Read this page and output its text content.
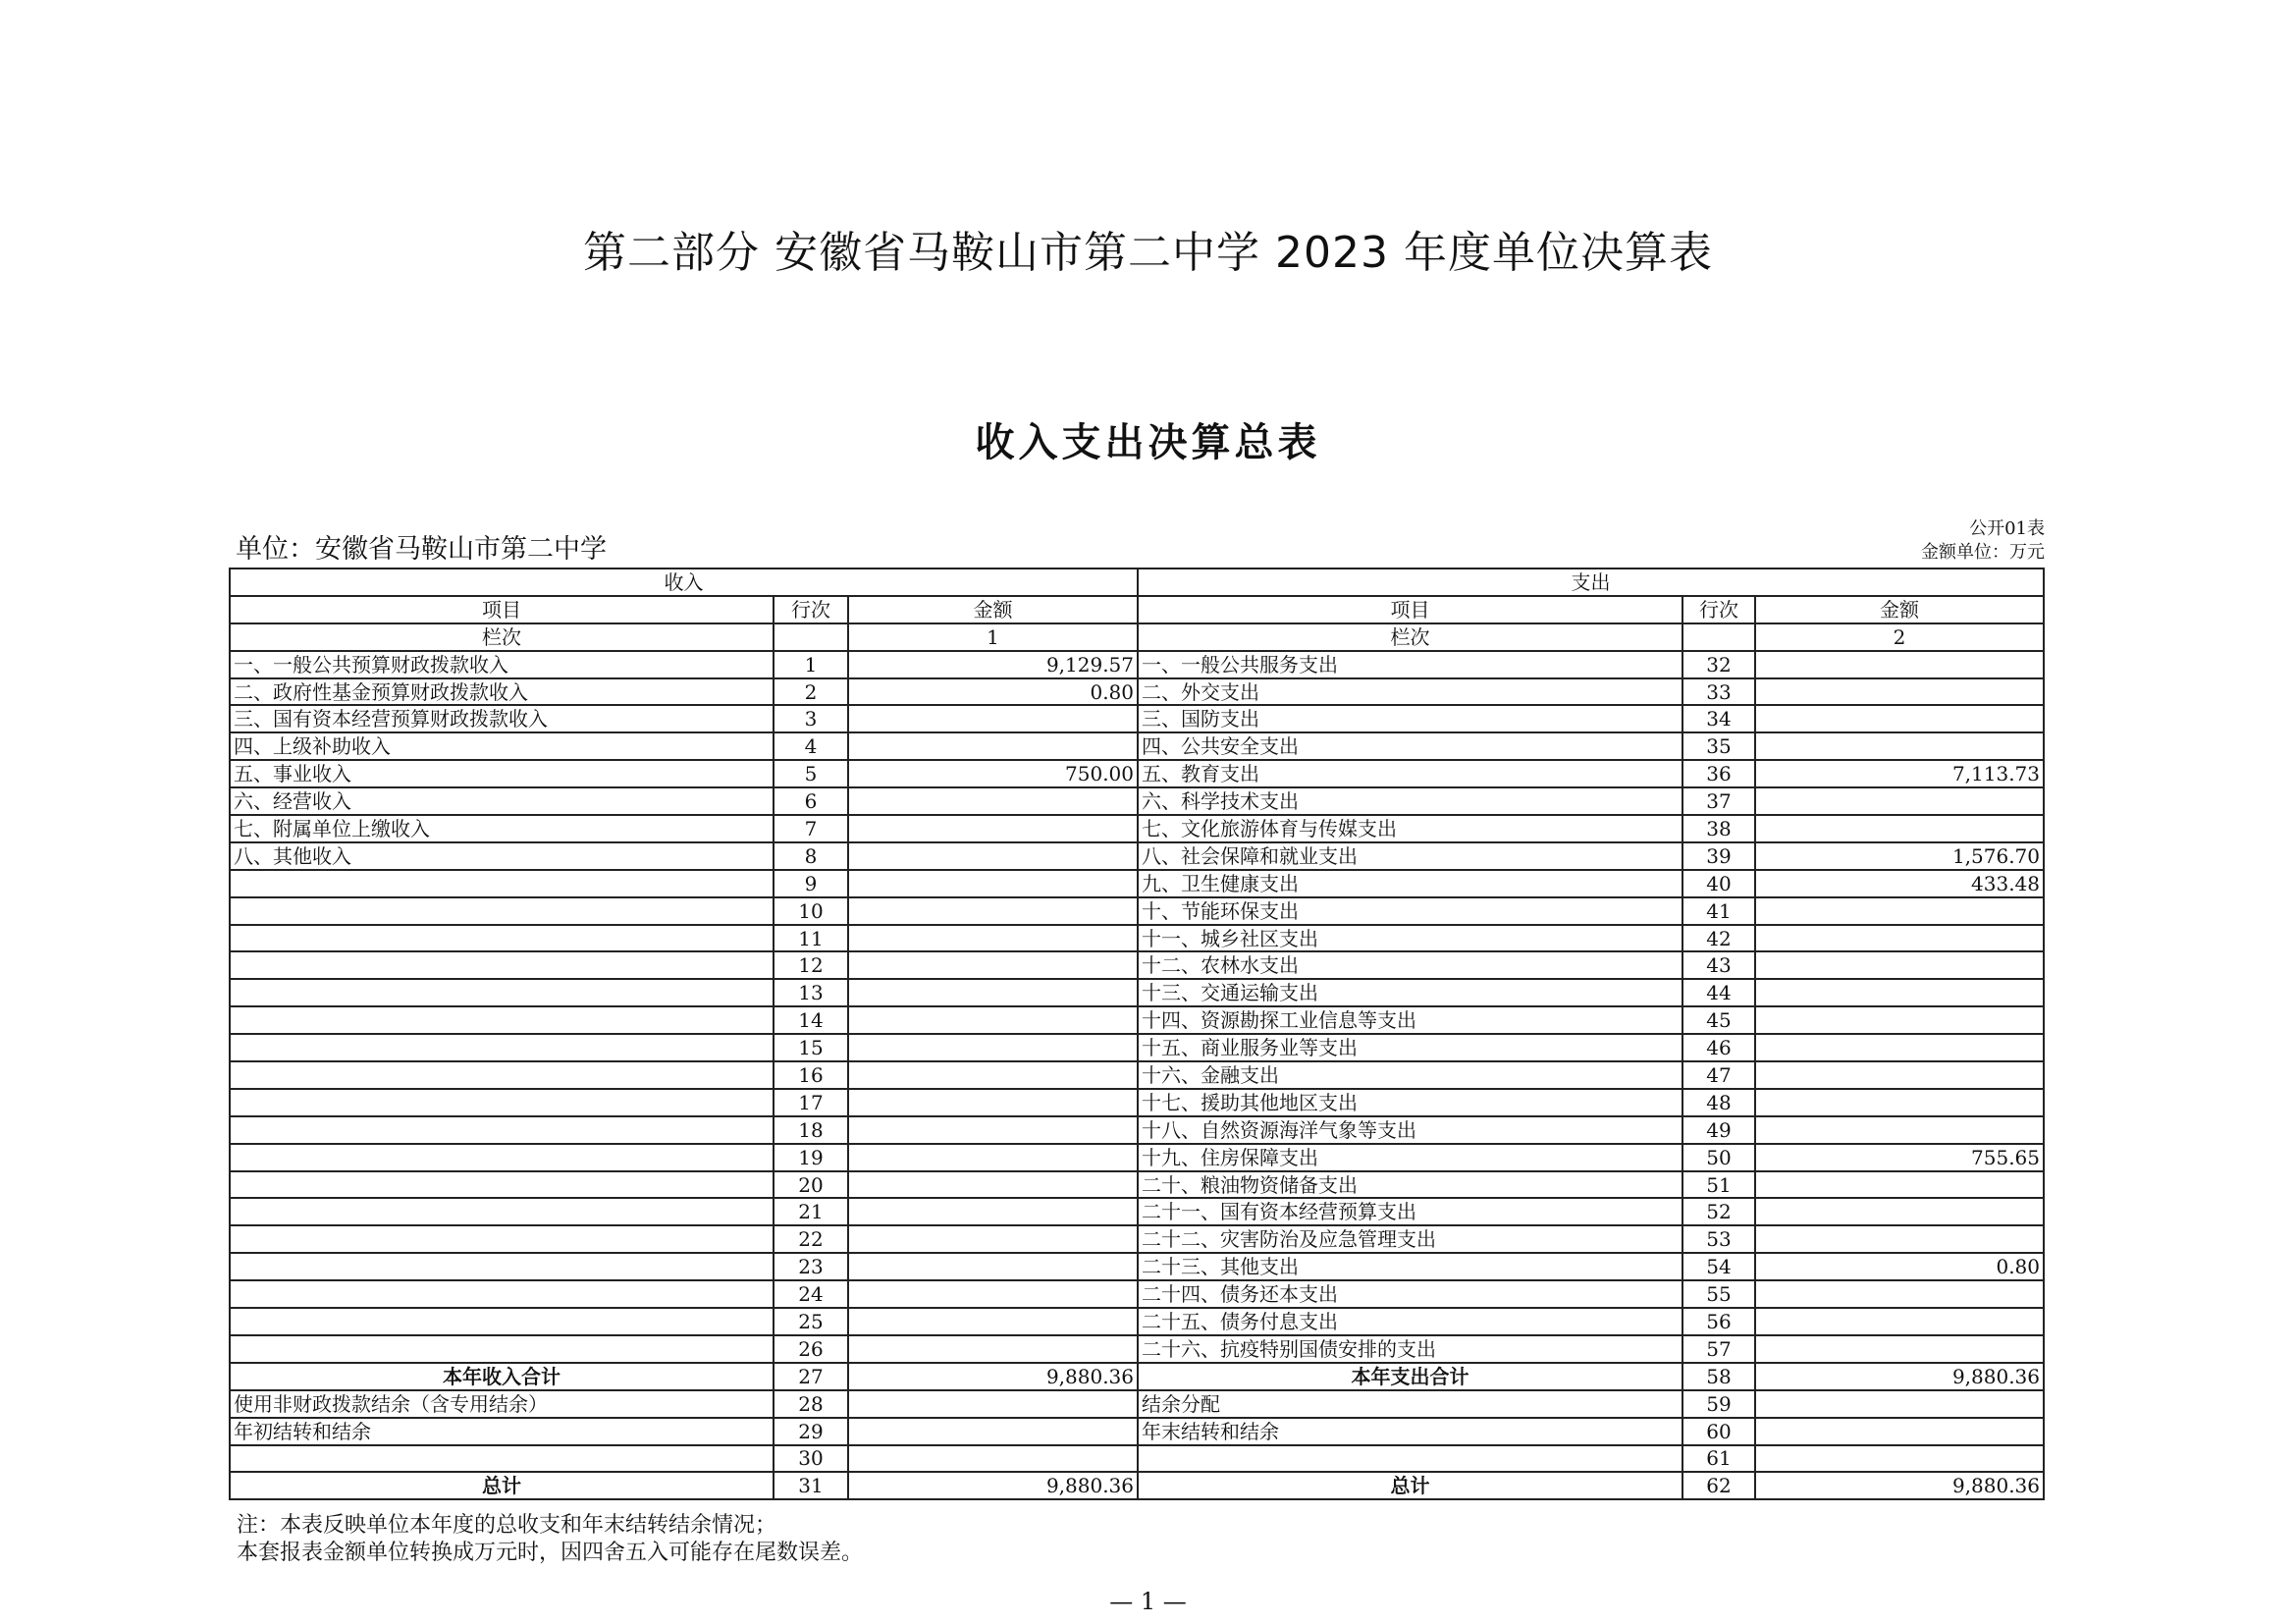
第二部分 安徽省马鞍山市第二中学 2023 年度单位决算表
收入支出决算总表
单位：安徽省马鞍山市第二中学
公开01表
金额单位：万元
收入			支出		
项目	行次	金额	项目	行次	金额
栏次		1	栏次		2
一、一般公共预算财政拨款收入	1	9,129.57	一、一般公共服务支出	32	
二、政府性基金预算财政拨款收入	2	0.80	二、外交支出	33	
三、国有资本经营预算财政拨款收入	3		三、国防支出	34	
四、上级补助收入	4		四、公共安全支出	35	
五、事业收入	5	750.00	五、教育支出	36	7,113.73
六、经营收入	6		六、科学技术支出	37	
七、附属单位上缴收入	7		七、文化旅游体育与传媒支出	38	
八、其他收入	8		八、社会保障和就业支出	39	1,576.70
	9		九、卫生健康支出	40	433.48
	10		十、节能环保支出	41	
	11		十一、城乡社区支出	42	
	12		十二、农林水支出	43	
	13		十三、交通运输支出	44	
	14		十四、资源勘探工业信息等支出	45	
	15		十五、商业服务业等支出	46	
	16		十六、金融支出	47	
	17		十七、援助其他地区支出	48	
	18		十八、自然资源海洋气象等支出	49	
	19		十九、住房保障支出	50	755.65
	20		二十、粮油物资储备支出	51	
	21		二十一、国有资本经营预算支出	52	
	22		二十二、灾害防治及应急管理支出	53	
	23		二十三、其他支出	54	0.80
	24		二十四、债务还本支出	55	
	25		二十五、债务付息支出	56	
	26		二十六、抗疫特别国债安排的支出	57	
本年收入合计	27	9,880.36	本年支出合计	58	9,880.36
使用非财政拨款结余（含专用结余）	28		结余分配	59	
年初结转和结余	29		年末结转和结余	60	
	30			61	
总计	31	9,880.36	总计	62	9,880.36
注：本表反映单位本年度的总收支和年末结转结余情况；
本套报表金额单位转换成万元时，因四舍五入可能存在尾数误差。
— 1 —
